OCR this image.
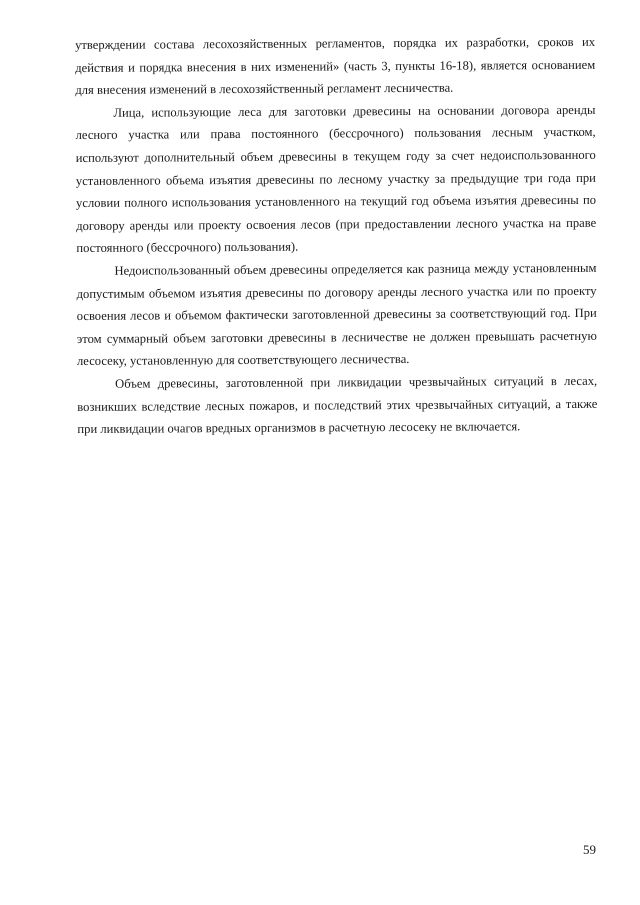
утверждении состава лесохозяйственных регламентов, порядка их разработки, сроков их действия и порядка внесения в них изменений» (часть 3, пункты 16-18), является основанием для внесения изменений в лесохозяйственный регламент лесничества.

Лица, использующие леса для заготовки древесины на основании договора аренды лесного участка или права постоянного (бессрочного) пользования лесным участком, используют дополнительный объем древесины в текущем году за счет недоиспользованного установленного объема изъятия древесины по лесному участку за предыдущие три года при условии полного использования установленного на текущий год объема изъятия древесины по договору аренды или проекту освоения лесов (при предоставлении лесного участка на праве постоянного (бессрочного) пользования).

Недоиспользованный объем древесины определяется как разница между установленным допустимым объемом изъятия древесины по договору аренды лесного участка или по проекту освоения лесов и объемом фактически заготовленной древесины за соответствующий год. При этом суммарный объем заготовки древесины в лесничестве не должен превышать расчетную лесосеку, установленную для соответствующего лесничества.

Объем древесины, заготовленной при ликвидации чрезвычайных ситуаций в лесах, возникших вследствие лесных пожаров, и последствий этих чрезвычайных ситуаций, а также при ликвидации очагов вредных организмов в расчетную лесосеку не включается.

59
